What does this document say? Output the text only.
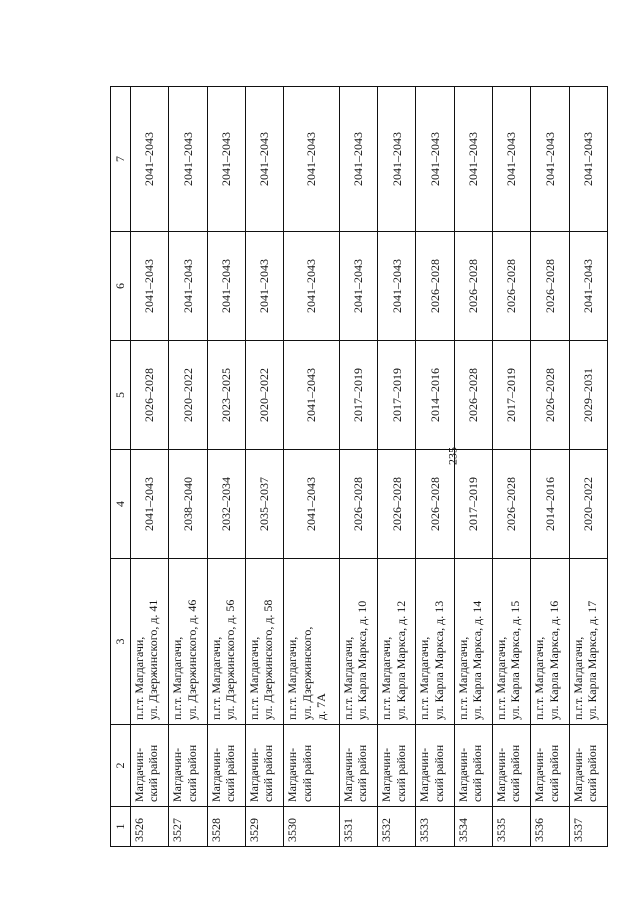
235
1	2	3	4	5	6	7
3526	Магдачин- ский район	п.г.т. Магдагачи, ул. Дзержинского, д. 41	2041–2043	2026–2028	2041–2043	2041–2043
3527	Магдачин- ский район	п.г.т. Магдагачи, ул. Дзержинского, д. 46	2038–2040	2020–2022	2041–2043	2041–2043
3528	Магдачин- ский район	п.г.т. Магдагачи, ул. Дзержинского, д. 56	2032–2034	2023–2025	2041–2043	2041–2043
3529	Магдачин- ский район	п.г.т. Магдагачи, ул. Дзержинского, д. 58	2035–2037	2020–2022	2041–2043	2041–2043
3530	Магдачин- ский район	п.г.т. Магдагачи, ул. Дзержинского, д. 7А	2041–2043	2041–2043	2041–2043	2041–2043
3531	Магдачин- ский район	п.г.т. Магдагачи, ул. Карла Маркса, д. 10	2026–2028	2017–2019	2041–2043	2041–2043
3532	Магдачин- ский район	п.г.т. Магдагачи, ул. Карла Маркса, д. 12	2026–2028	2017–2019	2041–2043	2041–2043
3533	Магдачин- ский район	п.г.т. Магдагачи, ул. Карла Маркса, д. 13	2026–2028	2014–2016	2026–2028	2041–2043
3534	Магдачин- ский район	п.г.т. Магдагачи, ул. Карла Маркса, д. 14	2017–2019	2026–2028	2026–2028	2041–2043
3535	Магдачин- ский район	п.г.т. Магдагачи, ул. Карла Маркса, д. 15	2026–2028	2017–2019	2026–2028	2041–2043
3536	Магдачин- ский район	п.г.т. Магдагачи, ул. Карла Маркса, д. 16	2014–2016	2026–2028	2026–2028	2041–2043
3537	Магдачин- ский район	п.г.т. Магдагачи, ул. Карла Маркса, д. 17	2020–2022	2029–2031	2041–2043	2041–2043
